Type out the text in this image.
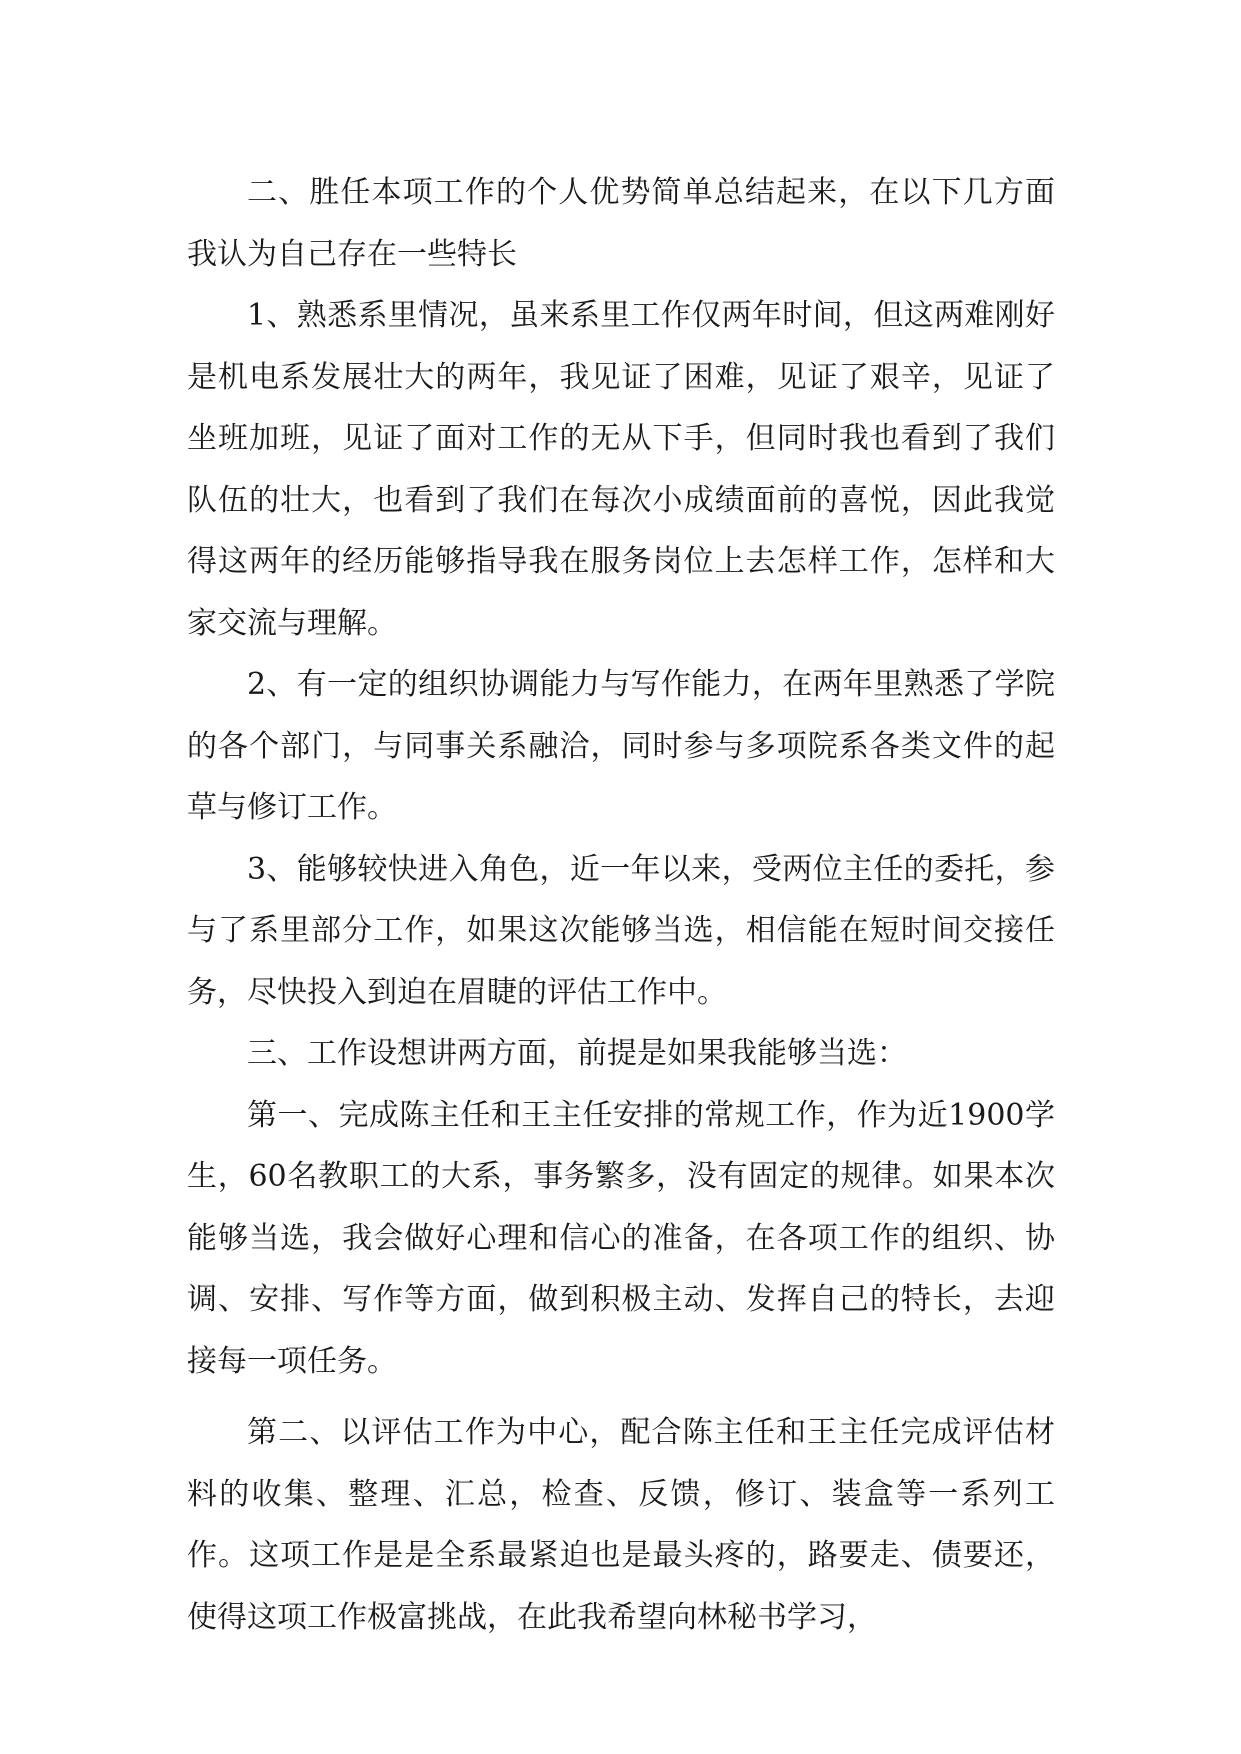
二、胜任本项工作的个人优势简单总结起来，在以下几方面我认为自己存在一些特长

1、熟悉系里情况，虽来系里工作仅两年时间，但这两难刚好是机电系发展壮大的两年，我见证了困难，见证了艰辛，见证了坐班加班，见证了面对工作的无从下手，但同时我也看到了我们队伍的壮大，也看到了我们在每次小成绩面前的喜悦，因此我觉得这两年的经历能够指导我在服务岗位上去怎样工作，怎样和大家交流与理解。

2、有一定的组织协调能力与写作能力，在两年里熟悉了学院的各个部门，与同事关系融洽，同时参与多项院系各类文件的起草与修订工作。

3、能够较快进入角色，近一年以来，受两位主任的委托，参与了系里部分工作，如果这次能够当选，相信能在短时间交接任务，尽快投入到迫在眉睫的评估工作中。

三、工作设想讲两方面，前提是如果我能够当选：

第一、完成陈主任和王主任安排的常规工作，作为近1900学生，60名教职工的大系，事务繁多，没有固定的规律。如果本次能够当选，我会做好心理和信心的准备，在各项工作的组织、协调、安排、写作等方面，做到积极主动、发挥自己的特长，去迎接每一项任务。

第二、以评估工作为中心，配合陈主任和王主任完成评估材料的收集、整理、汇总，检查、反馈，修订、装盒等一系列工作。这项工作是是全系最紧迫也是最头疼的，路要走、债要还，使得这项工作极富挑战，在此我希望向林秘书学习，
